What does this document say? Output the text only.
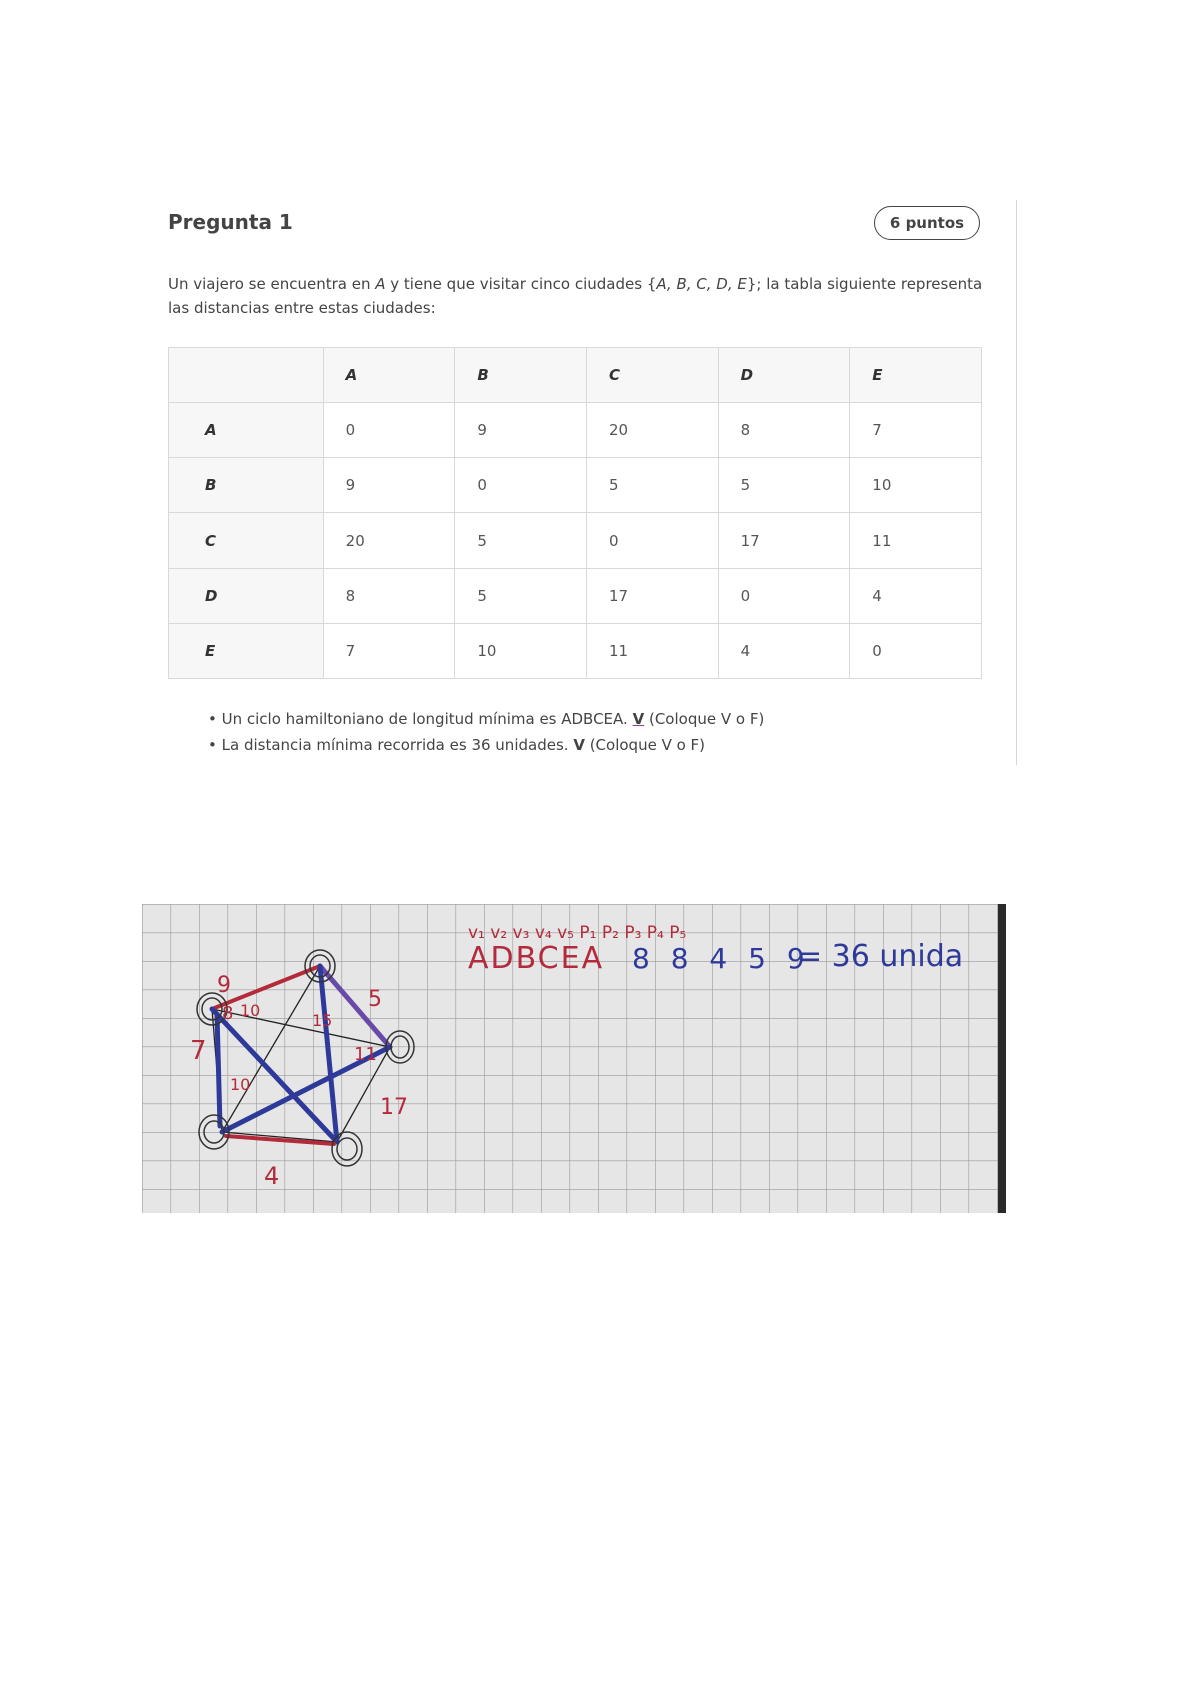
Pregunta 1	6 puntos
Un viajero se encuentra en A y tiene que visitar cinco ciudades {A, B, C, D, E}; la tabla siguiente representa las distancias entre estas ciudades:
	A	B	C	D	E
A	0	9	20	8	7
B	9	0	5	5	10
C	20	5	0	17	11
D	8	5	17	0	4
E	7	10	11	4	0
• Un ciclo hamiltoniano de longitud mínima es ADBCEA. V (Coloque V o F)
• La distancia mínima recorrida es 36 unidades. V (Coloque V o F)
9
10	5
15
8
7
10
11
17
4
v₁ v₂ v₃ v₄ v₅ P₁ P₂ P₃ P₄ P₅
ADBCEA 8 8 4 5 9
= 36 unida
